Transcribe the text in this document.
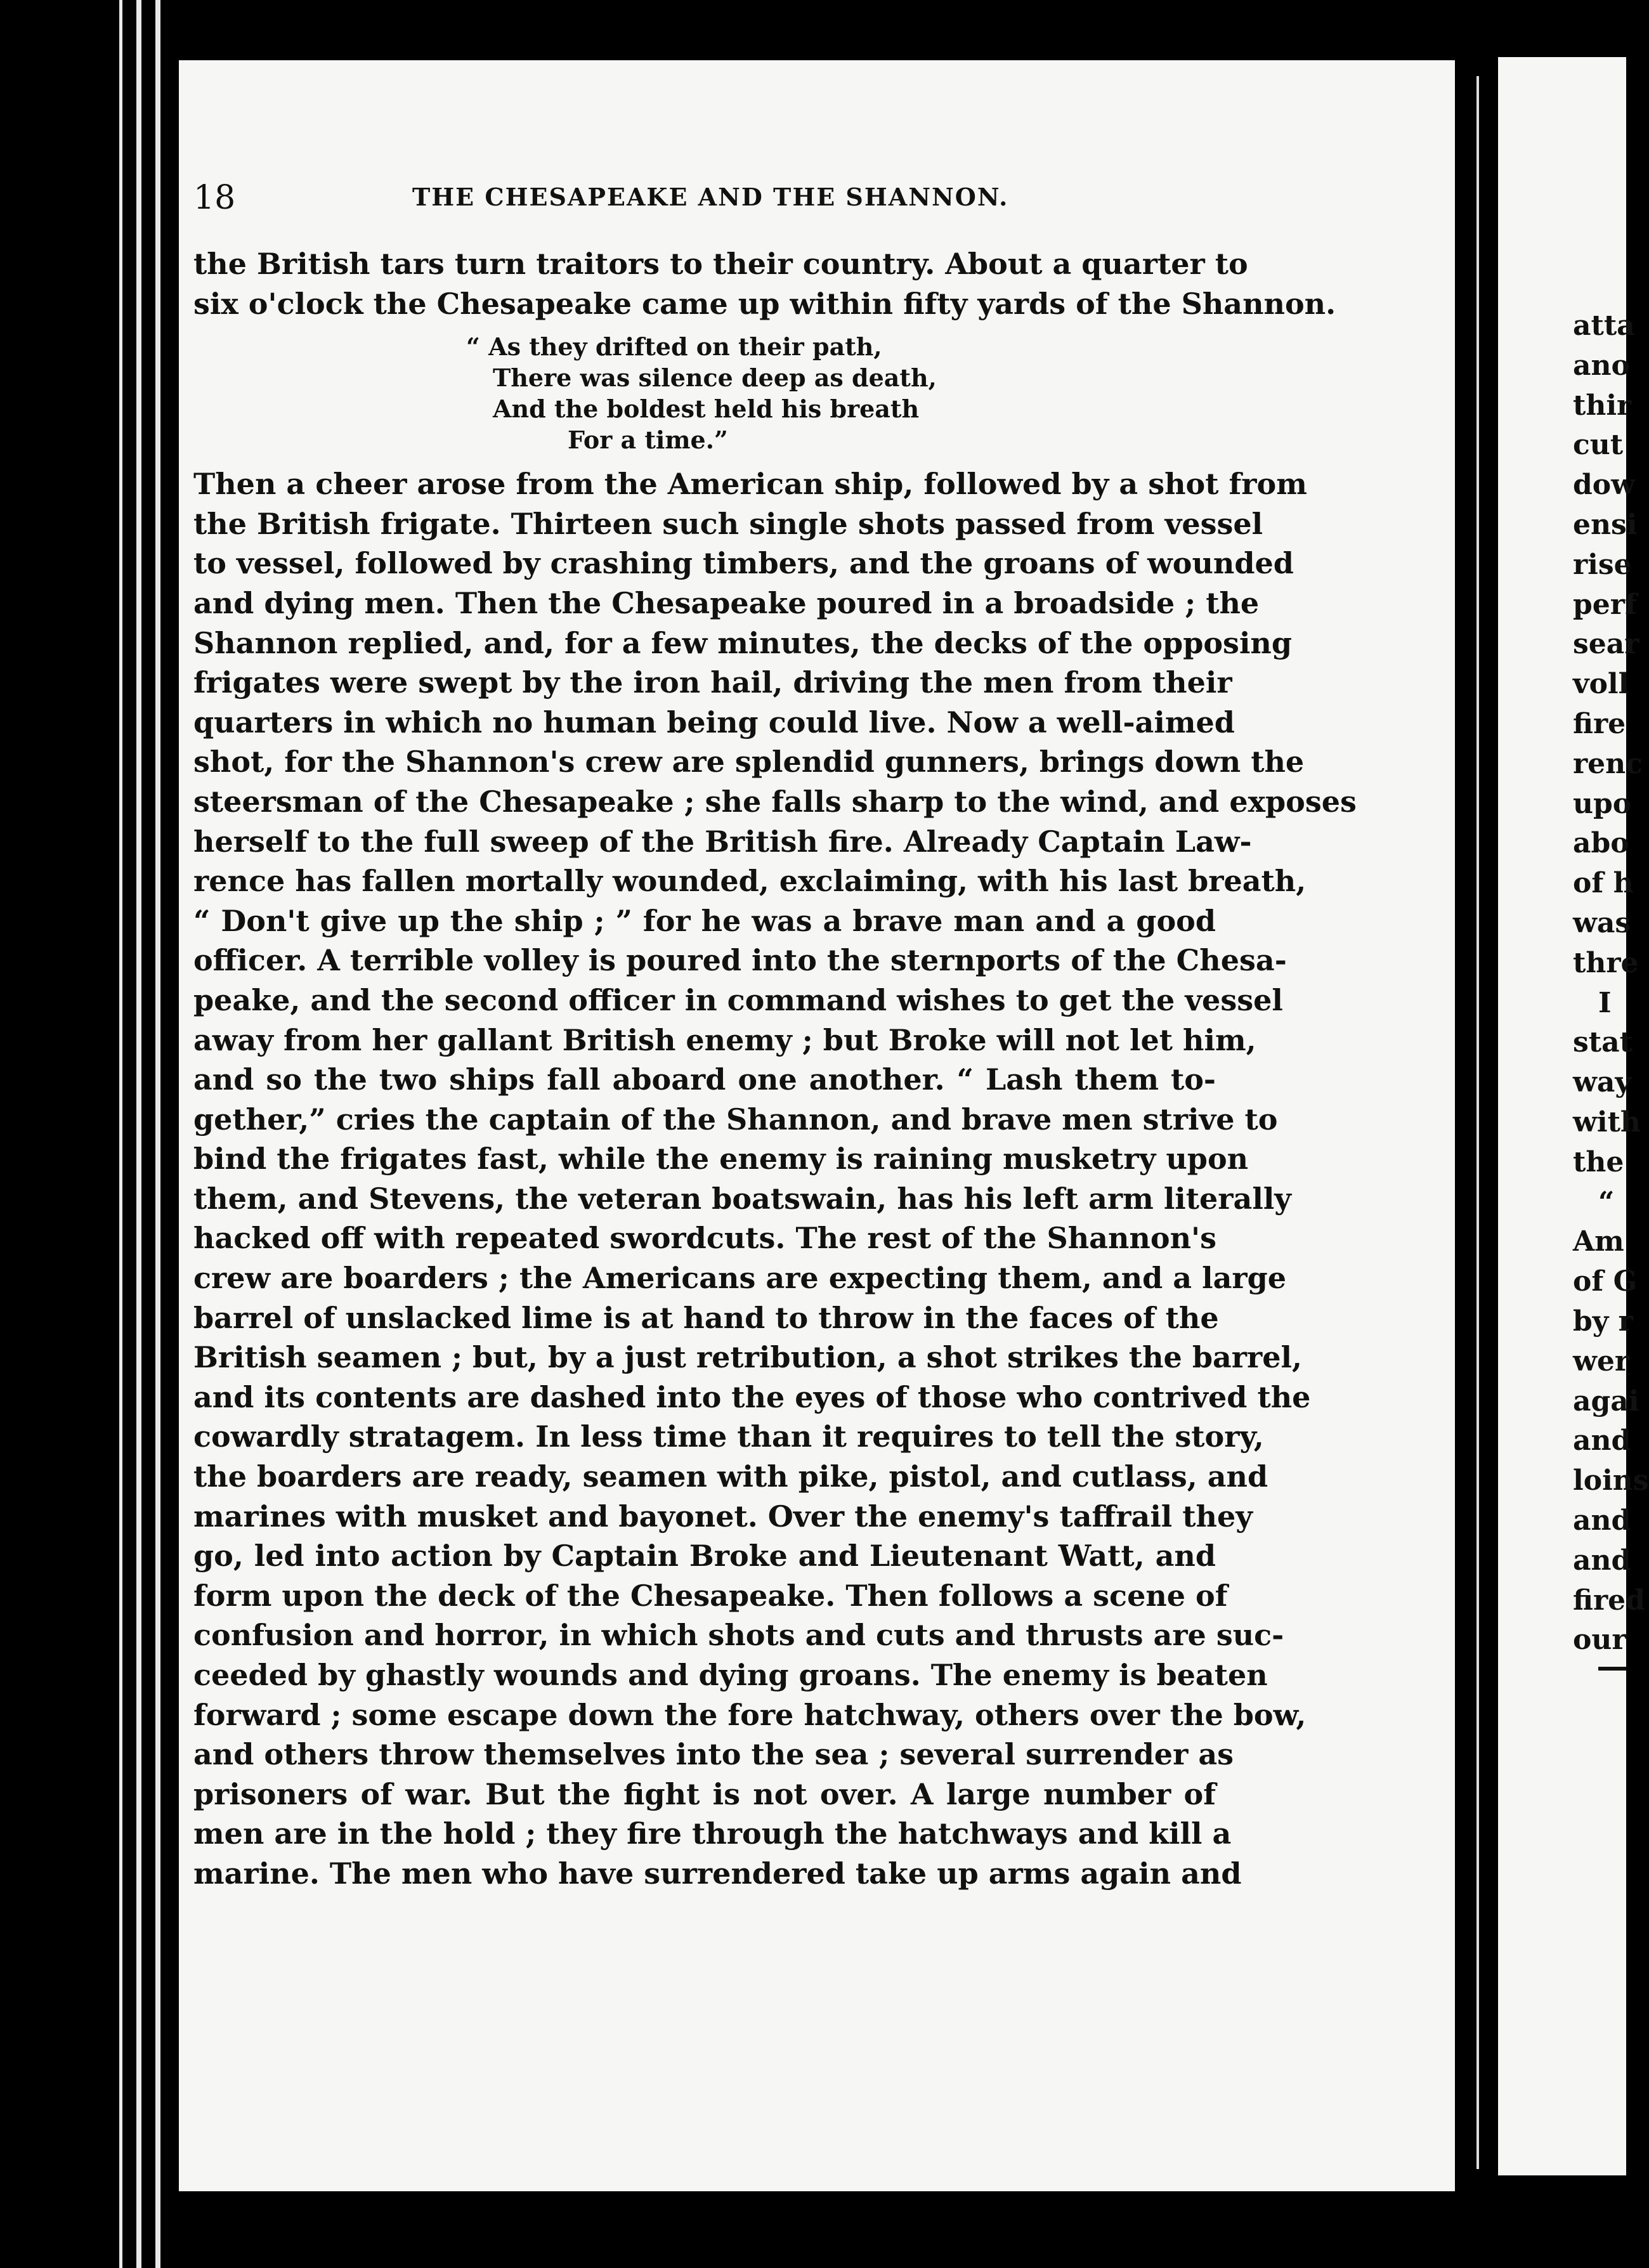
18	THE CHESAPEAKE AND THE SHANNON.
the British tars turn traitors to their country. About a quarter to
six o'clock the Chesapeake came up within fifty yards of the Shannon.
“ As they drifted on their path,
There was silence deep as death,
And the boldest held his breath
For a time.”
Then a cheer arose from the American ship, followed by a shot from
the British frigate. Thirteen such single shots passed from vessel
to vessel, followed by crashing timbers, and the groans of wounded
and dying men. Then the Chesapeake poured in a broadside ; the
Shannon replied, and, for a few minutes, the decks of the opposing
frigates were swept by the iron hail, driving the men from their
quarters in which no human being could live. Now a well-aimed
shot, for the Shannon's crew are splendid gunners, brings down the
steersman of the Chesapeake ; she falls sharp to the wind, and exposes
herself to the full sweep of the British fire. Already Captain Law-
rence has fallen mortally wounded, exclaiming, with his last breath,
“ Don't give up the ship ; ” for he was a brave man and a good
officer. A terrible volley is poured into the sternports of the Chesa-
peake, and the second officer in command wishes to get the vessel
away from her gallant British enemy ; but Broke will not let him,
and so the two ships fall aboard one another. “ Lash them to-
gether,” cries the captain of the Shannon, and brave men strive to
bind the frigates fast, while the enemy is raining musketry upon
them, and Stevens, the veteran boatswain, has his left arm literally
hacked off with repeated swordcuts. The rest of the Shannon's
crew are boarders ; the Americans are expecting them, and a large
barrel of unslacked lime is at hand to throw in the faces of the
British seamen ; but, by a just retribution, a shot strikes the barrel,
and its contents are dashed into the eyes of those who contrived the
cowardly stratagem. In less time than it requires to tell the story,
the boarders are ready, seamen with pike, pistol, and cutlass, and
marines with musket and bayonet. Over the enemy's taffrail they
go, led into action by Captain Broke and Lieutenant Watt, and
form upon the deck of the Chesapeake. Then follows a scene of
confusion and horror, in which shots and cuts and thrusts are suc-
ceeded by ghastly wounds and dying groans. The enemy is beaten
forward ; some escape down the fore hatchway, others over the bow,
and others throw themselves into the sea ; several surrender as
prisoners of war. But the fight is not over. A large number of
men are in the hold ; they fire through the hatchways and kill a
marine. The men who have surrendered take up arms again and
atta
ano
thir
cut
dow
ensi
rise
perf
sear
voll
fire
renc
upo
abo
of h
was
thre
I
stat
way
with
the
“
Am
of G
by r
wer
agai
and
loins
and
and
fired
our
